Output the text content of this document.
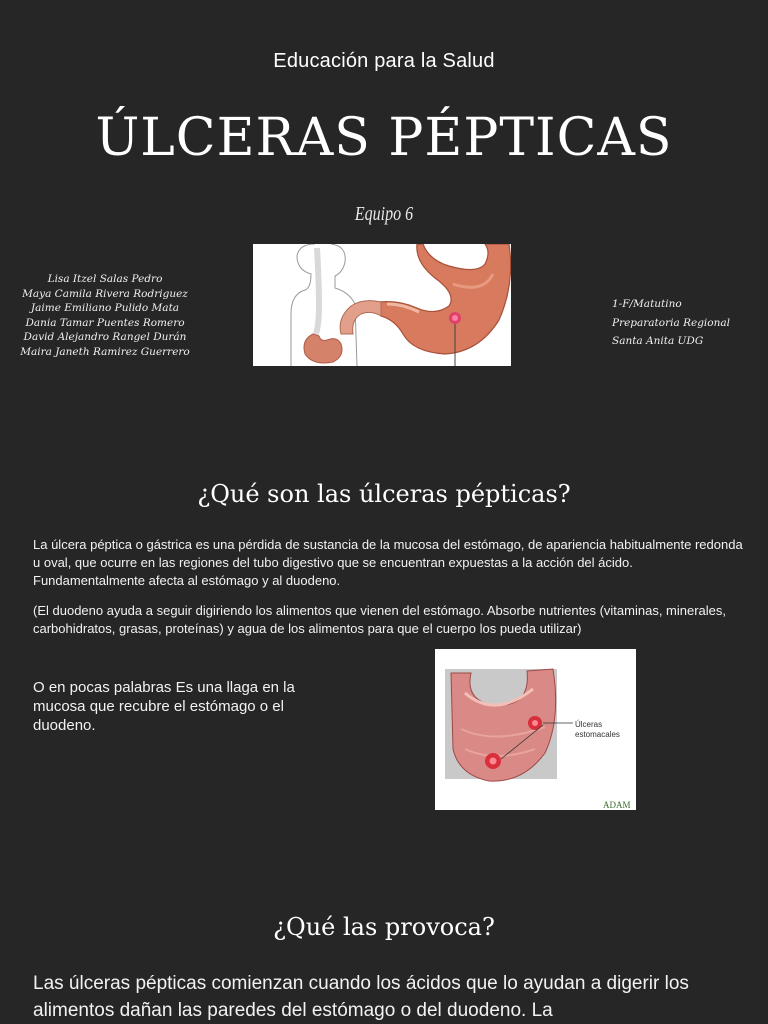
Educación para la Salud
ÚLCERAS PÉPTICAS
Equipo 6
Lisa Itzel Salas Pedro
Maya Camila Rivera Rodriguez
Jaime Emiliano Pulido Mata
Dania Tamar Puentes Romero
David Alejandro Rangel Durán
Maira Janeth Ramirez Guerrero
1-F/Matutino
Preparatoria Regional
Santa Anita UDG
¿Qué son las úlceras pépticas?

La úlcera péptica o gástrica es una pérdida de sustancia de la mucosa del estómago, de apariencia habitualmente redonda u oval, que ocurre en las regiones del tubo digestivo que se encuentran expuestas a la acción del ácido. Fundamentalmente afecta al estómago y al duodeno.

(El duodeno ayuda a seguir digiriendo los alimentos que vienen del estómago. Absorbe nutrientes (vitaminas, minerales, carbohidratos, grasas, proteínas) y agua de los alimentos para que el cuerpo los pueda utilizar)

O en pocas palabras Es una llaga en la mucosa que recubre el estómago o el duodeno.	Úlceras
estomacales
ADAM
¿Qué las provoca?

Las úlceras pépticas comienzan cuando los ácidos que lo ayudan a digerir los alimentos dañan las paredes del estómago o del duodeno. La
